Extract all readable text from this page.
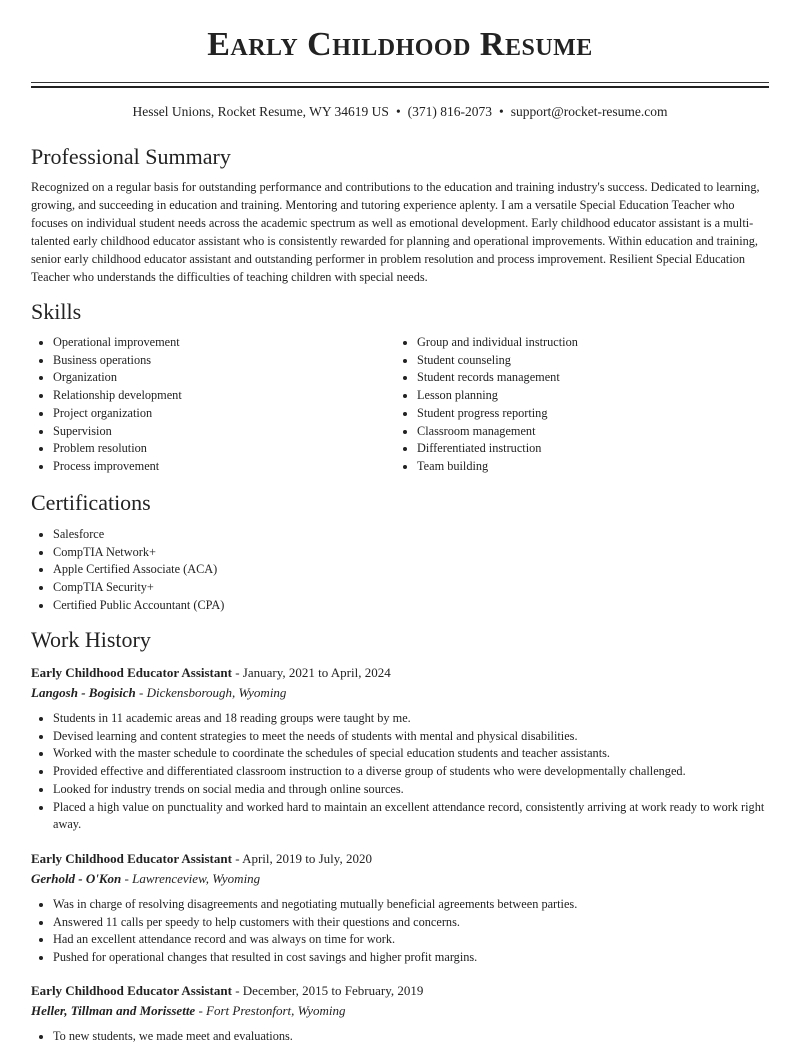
Early Childhood Resume
Hessel Unions, Rocket Resume, WY 34619 US • (371) 816-2073 • support@rocket-resume.com
Professional Summary

Recognized on a regular basis for outstanding performance and contributions to the education and training industry's success. Dedicated to learning, growing, and succeeding in education and training. Mentoring and tutoring experience aplenty. I am a versatile Special Education Teacher who focuses on individual student needs across the academic spectrum as well as emotional development. Early childhood educator assistant is a multi-talented early childhood educator assistant who is consistently rewarded for planning and operational improvements. Within education and training, senior early childhood educator assistant and outstanding performer in problem resolution and process improvement. Resilient Special Education Teacher who understands the difficulties of teaching children with special needs.

Skills
• Operational improvement
• Business operations
• Organization
• Relationship development
• Project organization
• Supervision
• Problem resolution
• Process improvement
• Group and individual instruction
• Student counseling
• Student records management
• Lesson planning
• Student progress reporting
• Classroom management
• Differentiated instruction
• Team building
Certifications
• Salesforce
• CompTIA Network+
• Apple Certified Associate (ACA)
• CompTIA Security+
• Certified Public Accountant (CPA)
Work History
Early Childhood Educator Assistant - January, 2021 to April, 2024
Langosh - Bogisich - Dickensborough, Wyoming
• Students in 11 academic areas and 18 reading groups were taught by me.
• Devised learning and content strategies to meet the needs of students with mental and physical disabilities.
• Worked with the master schedule to coordinate the schedules of special education students and teacher assistants.
• Provided effective and differentiated classroom instruction to a diverse group of students who were developmentally challenged.
• Looked for industry trends on social media and through online sources.
• Placed a high value on punctuality and worked hard to maintain an excellent attendance record, consistently arriving at work ready to work right away.
Early Childhood Educator Assistant - April, 2019 to July, 2020
Gerhold - O'Kon - Lawrenceview, Wyoming
• Was in charge of resolving disagreements and negotiating mutually beneficial agreements between parties.
• Answered 11 calls per speedy to help customers with their questions and concerns.
• Had an excellent attendance record and was always on time for work.
• Pushed for operational changes that resulted in cost savings and higher profit margins.
Early Childhood Educator Assistant - December, 2015 to February, 2019
Heller, Tillman and Morissette - Fort Prestonfort, Wyoming
• To new students, we made meet and evaluations.
